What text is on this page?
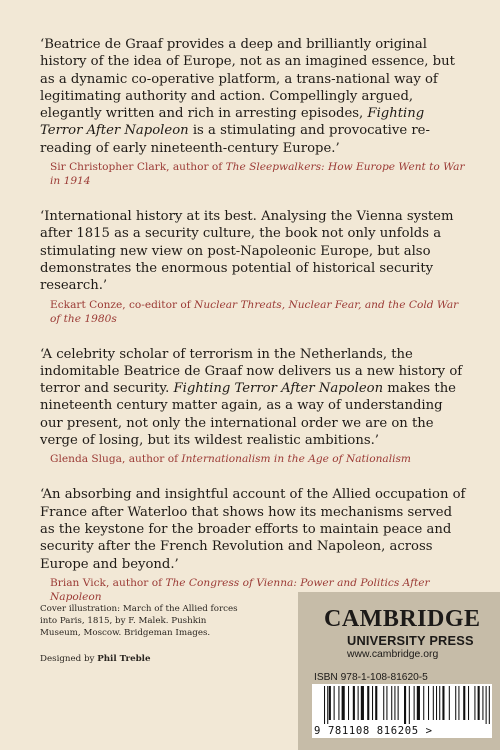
‘Beatrice de Graaf provides a deep and brilliantly original history of the idea of Europe, not as an imagined essence, but as a dynamic co-operative platform, a trans-national way of legitimating authority and action. Compellingly argued, elegantly written and rich in arresting episodes, Fighting Terror After Napoleon is a stimulating and provocative re-reading of early nineteenth-century Europe.’

Sir Christopher Clark, author of The Sleepwalkers: How Europe Went to War in 1914

‘International history at its best. Analysing the Vienna system after 1815 as a security culture, the book not only unfolds a stimulating new view on post-Napoleonic Europe, but also demonstrates the enormous potential of historical security research.’

Eckart Conze, co-editor of Nuclear Threats, Nuclear Fear, and the Cold War of the 1980s

‘A celebrity scholar of terrorism in the Netherlands, the indomitable Beatrice de Graaf now delivers us a new history of terror and security. Fighting Terror After Napoleon makes the nineteenth century matter again, as a way of understanding our present, not only the international order we are on the verge of losing, but its wildest realistic ambitions.’

Glenda Sluga, author of Internationalism in the Age of Nationalism

‘An absorbing and insightful account of the Allied occupation of France after Waterloo that shows how its mechanisms served as the keystone for the broader efforts to maintain peace and security after the French Revolution and Napoleon, across Europe and beyond.’

Brian Vick, author of The Congress of Vienna: Power and Politics After Napoleon

Cover illustration: March of the Allied forces into Paris, 1815, by F. Malek. Pushkin Museum, Moscow. Bridgeman Images.

Designed by Phil Treble

CAMBRIDGE
UNIVERSITY PRESS
www.cambridge.org
ISBN 978-1-108-81620-5
9 781108 816205 >
